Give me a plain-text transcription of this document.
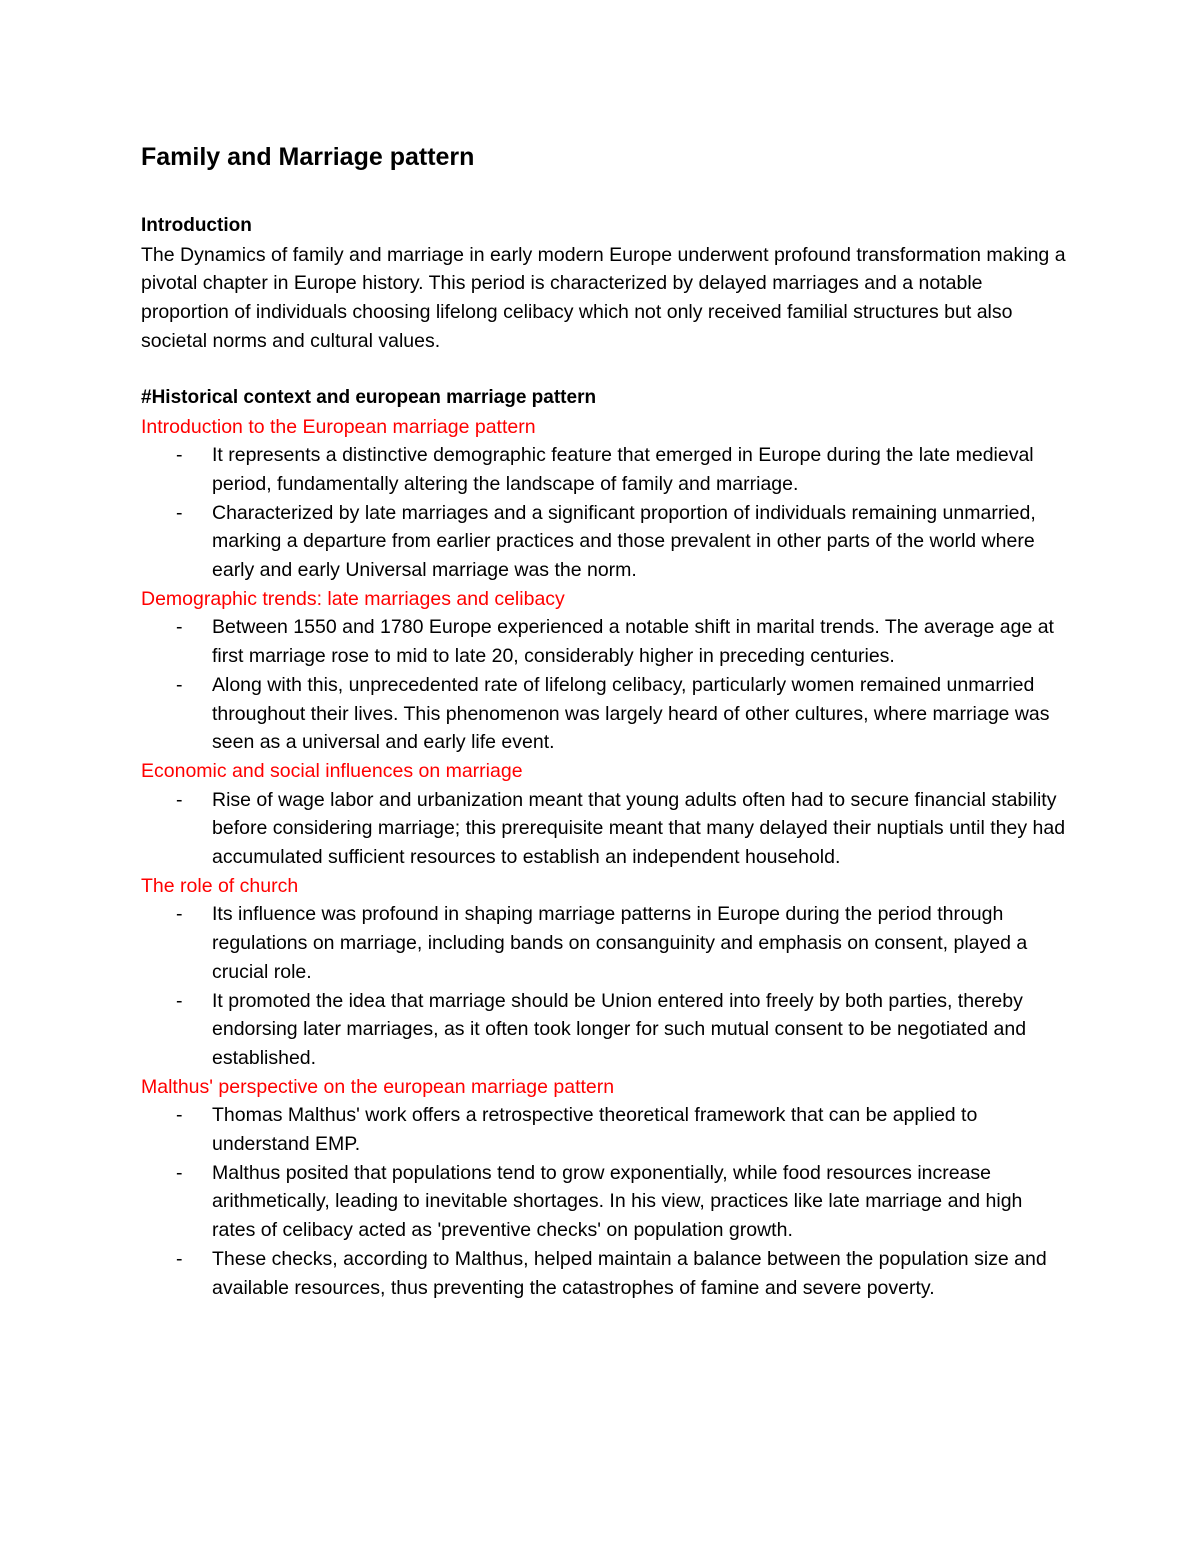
Family and Marriage pattern
Introduction

The Dynamics of family and marriage in early modern Europe underwent profound transformation making a pivotal chapter in Europe history. This period is characterized by delayed marriages and a notable proportion of individuals choosing lifelong celibacy which not only received familial structures but also societal norms and cultural values.

#Historical context and european marriage pattern
Introduction to the European marriage pattern
- It represents a distinctive demographic feature that emerged in Europe during the late medieval period, fundamentally altering the landscape of family and marriage.
- Characterized by late marriages and a significant proportion of individuals remaining unmarried, marking a departure from earlier practices and those prevalent in other parts of the world where early and early Universal marriage was the norm.
Demographic trends: late marriages and celibacy
- Between 1550 and 1780 Europe experienced a notable shift in marital trends. The average age at first marriage rose to mid to late 20, considerably higher in preceding centuries.
- Along with this, unprecedented rate of lifelong celibacy, particularly women remained unmarried throughout their lives. This phenomenon was largely heard of other cultures, where marriage was seen as a universal and early life event.
Economic and social influences on marriage
- Rise of wage labor and urbanization meant that young adults often had to secure financial stability before considering marriage; this prerequisite meant that many delayed their nuptials until they had accumulated sufficient resources to establish an independent household.
The role of church
- Its influence was profound in shaping marriage patterns in Europe during the period through regulations on marriage, including bands on consanguinity and emphasis on consent, played a crucial role.
- It promoted the idea that marriage should be Union entered into freely by both parties, thereby endorsing later marriages, as it often took longer for such mutual consent to be negotiated and established.
Malthus' perspective on the european marriage pattern
- Thomas Malthus' work offers a retrospective theoretical framework that can be applied to understand EMP.
- Malthus posited that populations tend to grow exponentially, while food resources increase arithmetically, leading to inevitable shortages. In his view, practices like late marriage and high rates of celibacy acted as 'preventive checks' on population growth.
- These checks, according to Malthus, helped maintain a balance between the population size and available resources, thus preventing the catastrophes of famine and severe poverty.
